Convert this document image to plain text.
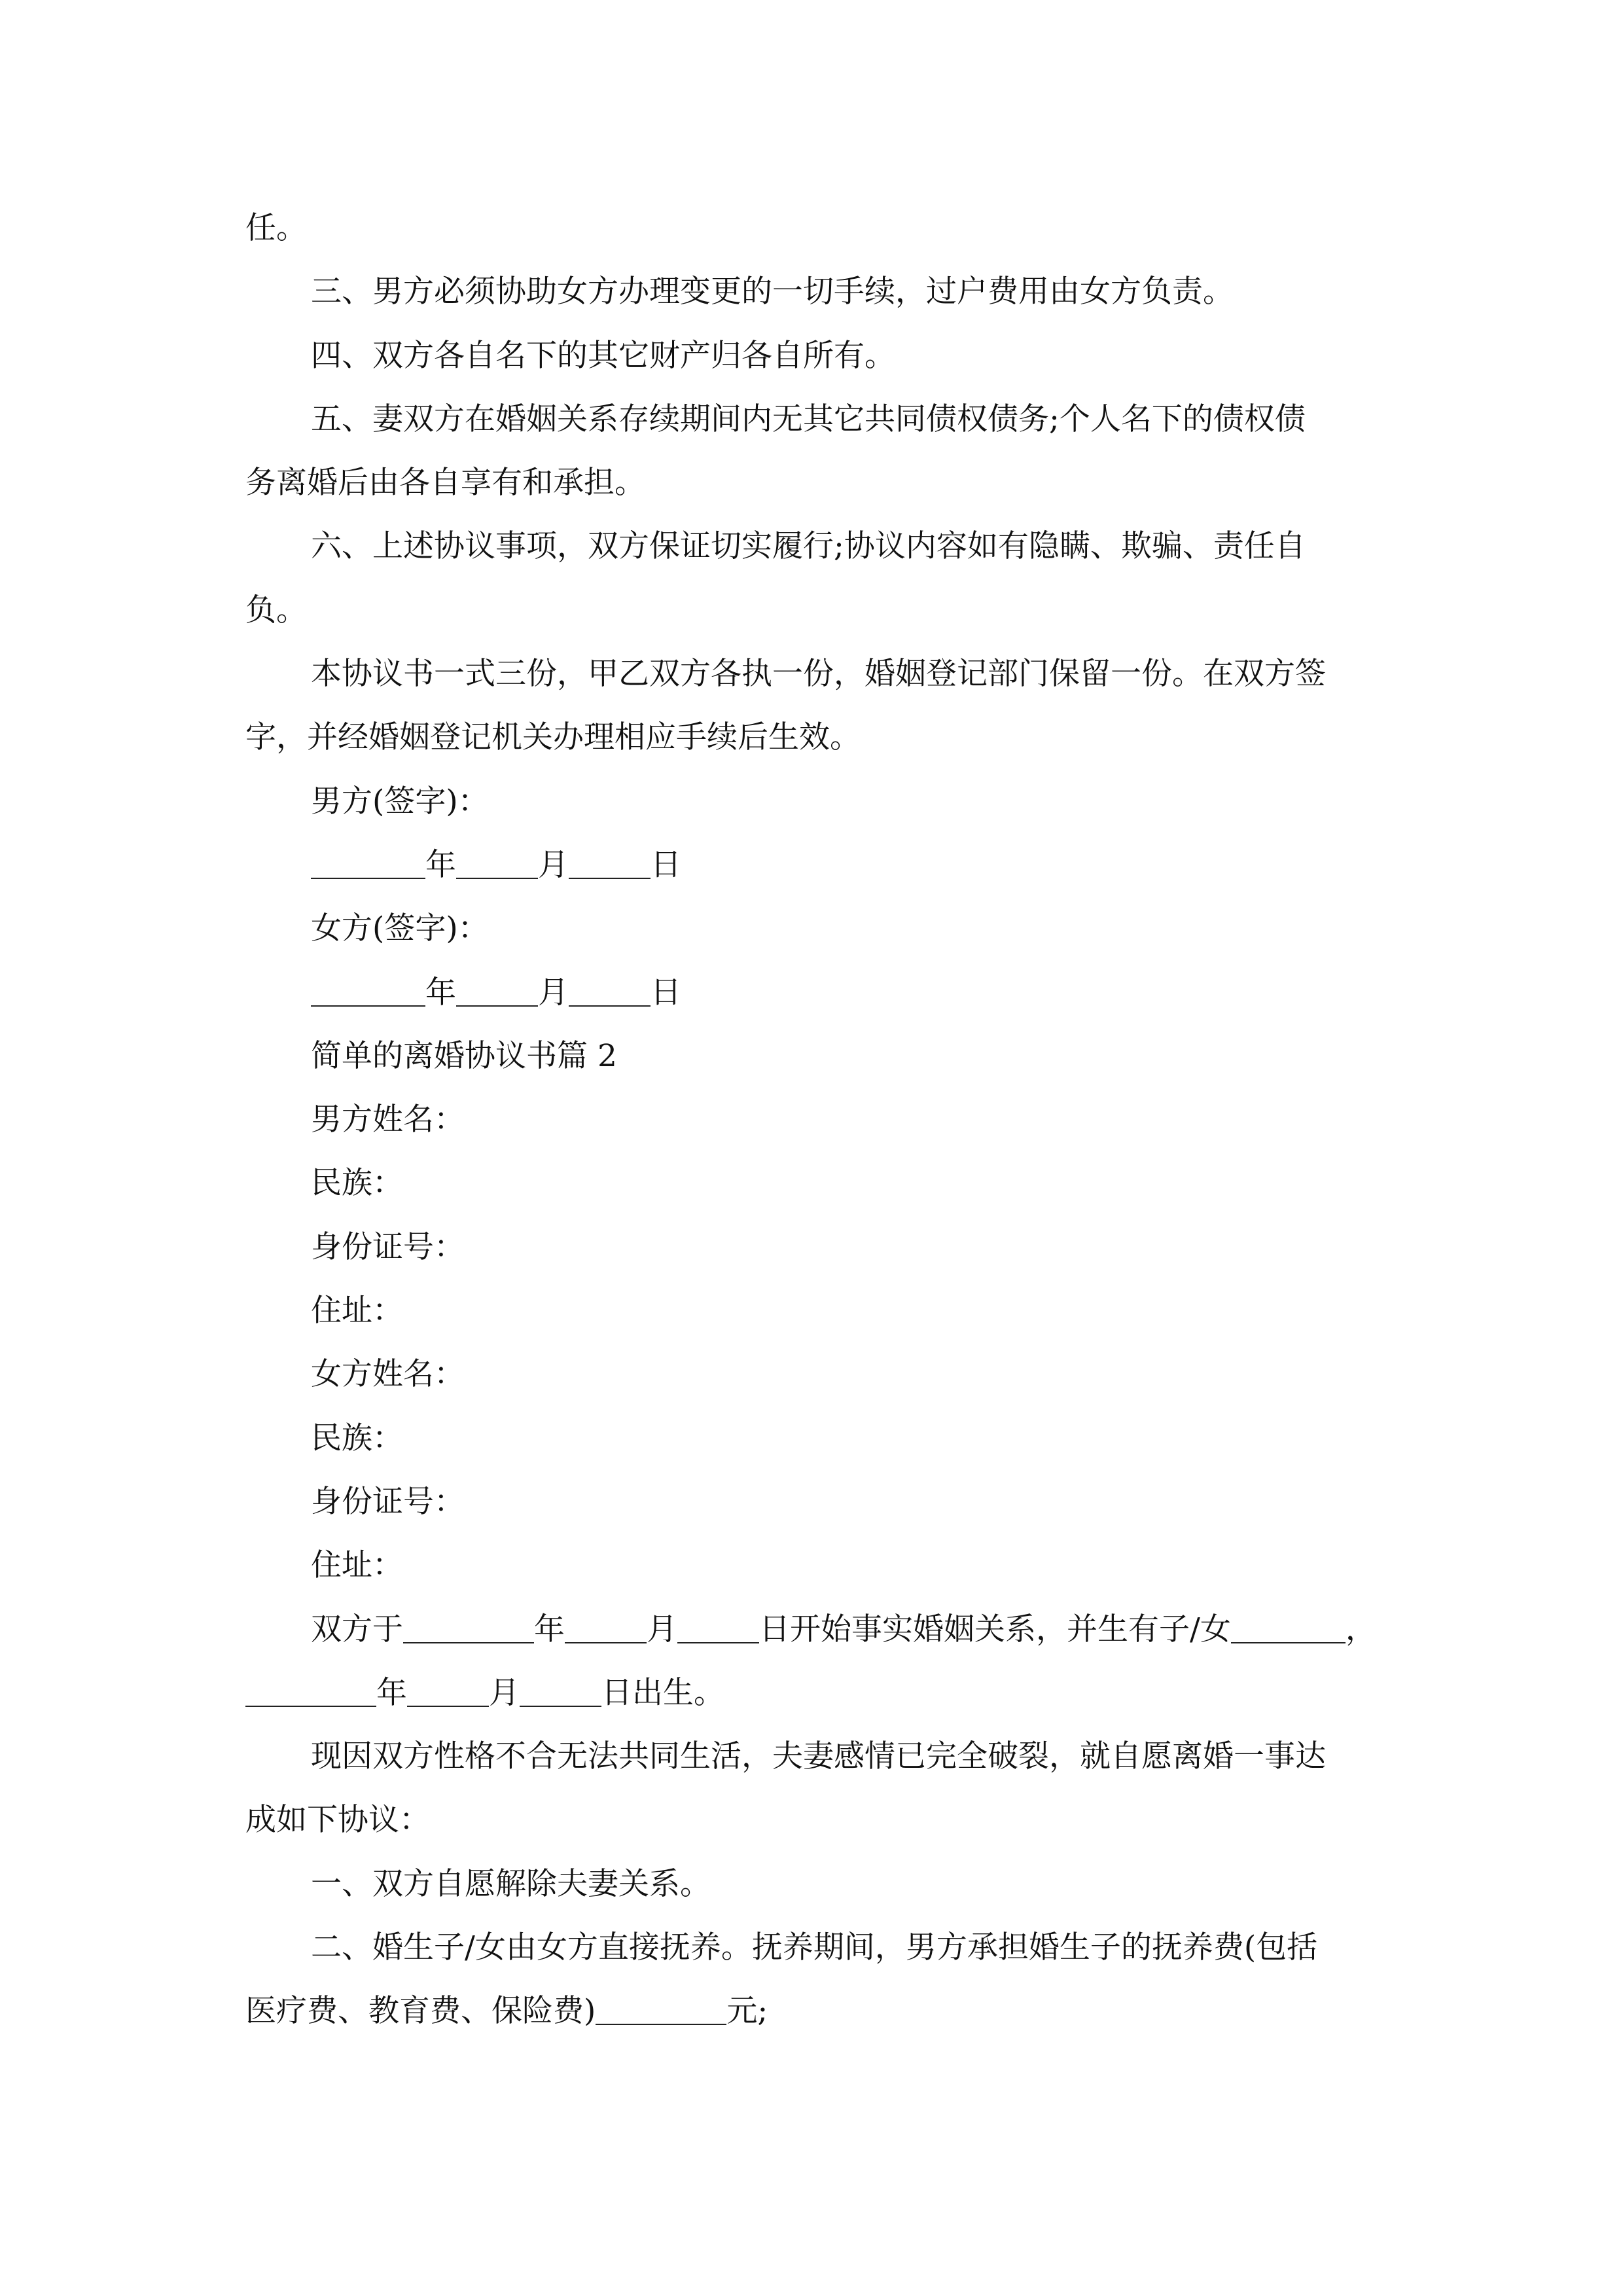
任。
三、男方必须协助女方办理变更的一切手续，过户费用由女方负责。
四、双方各自名下的其它财产归各自所有。
五、妻双方在婚姻关系存续期间内无其它共同债权债务;个人名下的债权债
务离婚后由各自享有和承担。
六、上述协议事项，双方保证切实履行;协议内容如有隐瞒、欺骗、责任自
负。
本协议书一式三份，甲乙双方各执一份，婚姻登记部门保留一份。在双方签
字，并经婚姻登记机关办理相应手续后生效。
男方(签字)：
年	月	日
女方(签字)：
年	月	日
简单的离婚协议书篇 2
男方姓名：
民族：
身份证号：
住址：
女方姓名：
民族：
身份证号：
住址：
双方于	年	月	日开始事实婚姻关系，并生有子/女	，
年	月	日出生。
现因双方性格不合无法共同生活，夫妻感情已完全破裂，就自愿离婚一事达
成如下协议：
一、双方自愿解除夫妻关系。
二、婚生子/女由女方直接抚养。抚养期间，男方承担婚生子的抚养费(包括
医疗费、教育费、保险费)	元;
